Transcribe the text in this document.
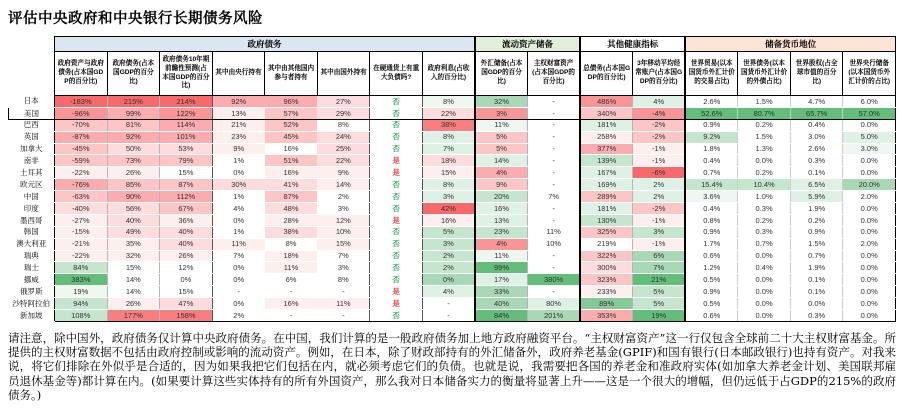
评估中央政府和中央银行长期债务风险
	政府债务								流动资产储备		其他健康指标		储备货币地位			
	政府资产与政府债务(占本国GDP的百分比)	政府债务(占本国GDP的百分比)	政府债务10年期前瞻性预测(占本国GDP的百分比)	其中由央行持有	其中由其他国内参与者持有	其中由国外持有	在硬通货上有重大负债吗?	政府利息(占收入的百分比)	外汇储备(占本国GDP的百分比)	主权财富资产(占本国GDP的百分比)	总债务(占本国GDP的百分比)	3年移动平均经常账户(占本国GDP的百分比)	世界贸易(以本国货币外汇计价的交易占比)	世界债务(以本国货币外汇计价的外债占比)	世界股权(占全球市值的百分比)	世界央行储备(以本国货币外汇计价的占比)
日本	-183%	215%	214%	92%	96%	27%	否	8%	32%	-	486%	4%	2.6%	1.5%	4.7%	6.0%
美国	-96%	99%	122%	13%	57%	29%	否	22%	3%	-	340%	-4%	52.6%	80.7%	65.7%	57.0%
巴西	-70%	81%	114%	21%	52%	8%	否	38%	11%	-	181%	-2%	0.9%	0.2%	0.4%	0.0%
英国	-87%	92%	101%	23%	45%	24%	否	8%	5%	-	258%	-2%	9.2%	1.5%	3.0%	5.0%
加拿大	-45%	50%	53%	9%	16%	25%	否	7%	5%	-	377%	-1%	1.8%	1.3%	2.6%	3.0%
南非	-59%	73%	79%	1%	51%	22%	是	18%	14%	-	139%	-1%	0.4%	0.0%	0.3%	0.0%
土耳其	-22%	26%	15%	0%	16%	9%	是	15%	4%	-	167%	-6%	0.7%	0.2%	0.1%	0.0%
欧元区	-76%	85%	87%	30%	41%	14%	否	8%	9%	-	169%	2%	15.4%	10.4%	6.5%	20.0%
中国	-63%	90%	112%	1%	87%	2%	否	3%	20%	7%	289%	2%	3.6%	1.0%	5.9%	2.0%
印度	-40%	56%	67%	4%	48%	3%	否	42%	16%	-	181%	-2%	0.4%	0.3%	1.9%	0.0%
墨西哥	-27%	40%	36%	0%	28%	12%	是	16%	13%	-	130%	-1%	0.8%	0.2%	0.2%	0.0%
韩国	-15%	49%	40%	1%	38%	10%	否	5%	23%	11%	325%	3%	0.9%	0.3%	0.9%	0.0%
澳大利亚	-21%	35%	40%	11%	8%	15%	否	3%	4%	10%	219%	-1%	1.7%	0.7%	1.5%	2.0%
瑞典	-22%	32%	26%	7%	18%	7%	否	2%	11%	-	322%	6%	0.6%	0.0%	0.7%	0.0%
瑞士	84%	15%	12%	0%	11%	3%	否	2%	99%	-	300%	7%	1.2%	0.4%	1.9%	0.0%
挪威	383%	14%	0%	0%	6%	8%	否	0%	17%	380%	323%	21%	0.5%	0.0%	0.1%	0.0%
俄罗斯	19%	14%	15%	-	-	-	是	4%	33%	-	233%	5%	0.9%	0.0%	0.1%	0.0%
沙特阿拉伯	94%	26%	47%	0%	16%	11%	是	-	40%	80%	89%	5%	0.5%	0.0%	0.0%	0.0%
新加坡	108%	177%	158%	2%	-	-	否	-	84%	201%	353%	19%	0.6%	0.0%	0.3%	0.0%

请注意，除中国外，政府债务仅计算中央政府债务。在中国，我们计算的是一般政府债务加上地方政府融资平台。“主权财富资产”这一行仅包含全球前二十大主权财富基金。所提供的主权财富数据不包括由政府控制或影响的流动资产。例如，在日本，除了财政部持有的外汇储备外，政府养老基金(GPIF)和国有银行(日本邮政银行)也持有资产。对我来说，将它们排除在外似乎是合适的，因为如果我把它们包括在内，就必须考虑它们的负债。也就是说，我需要把各国的养老金和准政府实体(如加拿大养老金计划、美国联邦雇员退休基金等)都计算在内。(如果要计算这些实体持有的所有外国资产，那么我对日本储备实力的衡量将显著上升——这是一个很大的增幅，但仍远低于占GDP的215%的政府债务。)
